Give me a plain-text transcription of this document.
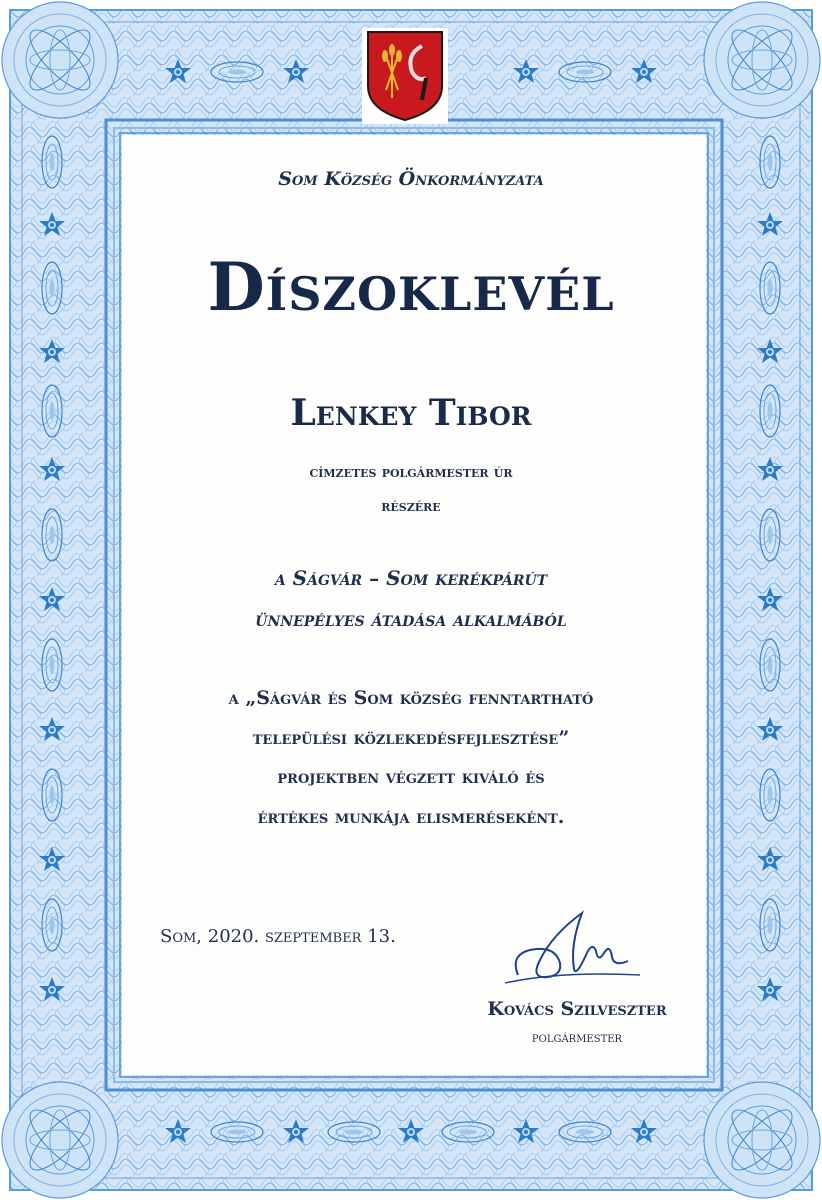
Som Község Önkormányzata
Díszoklevél
Lenkey Tibor
címzetes polgármester úr
részére
a Ságvár – Som kerékpárút
ünnepélyes átadása alkalmából
a „Ságvár és Som község fenntartható
települési közlekedésfejlesztése”
projektben végzett kiváló és
értékes munkája elismeréseként.
Som, 2020. szeptember 13.
Kovács Szilveszter
polgármester
